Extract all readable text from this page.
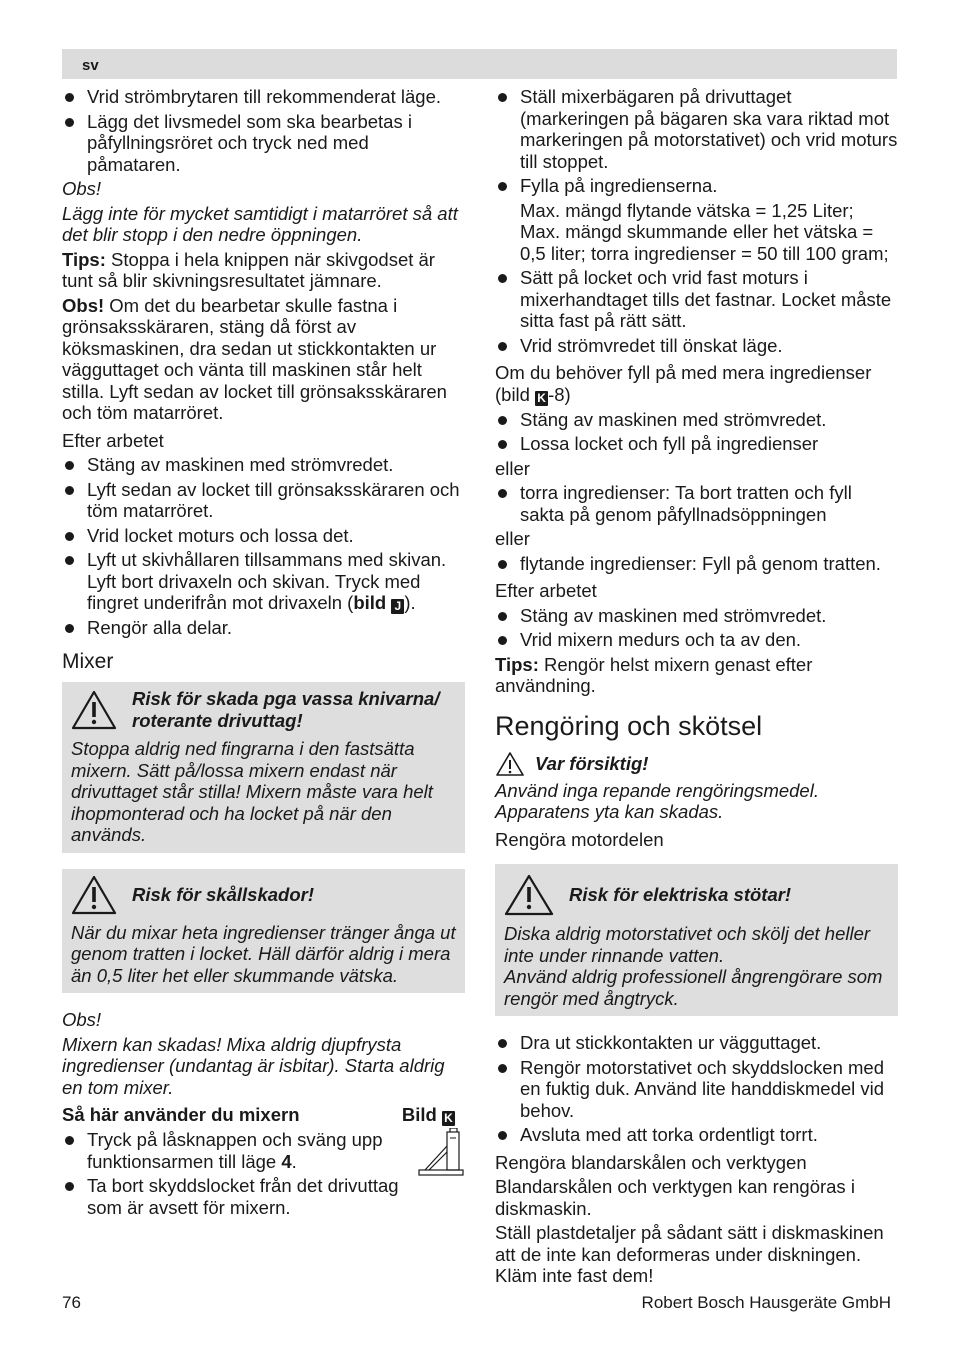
sv
Vrid strömbrytaren till rekommenderat läge.
Lägg det livsmedel som ska bearbetas i påfyllningsröret och tryck ned med påmataren.

Obs!

Lägg inte för mycket samtidigt i matarröret så att det blir stopp i den nedre öppningen.

Tips: Stoppa i hela knippen när skivgodset är tunt så blir skivningsresultatet jämnare.

Obs! Om det du bearbetar skulle fastna i grönsaksskäraren, stäng då först av köksmaskinen, dra sedan ut stickkontakten ur vägguttaget och vänta till maskinen står helt stilla. Lyft sedan av locket till grönsaksskäraren och töm matarröret.

Efter arbetet

Stäng av maskinen med strömvredet.
Lyft sedan av locket till grönsaksskäraren och töm matarröret.
Vrid locket moturs och lossa det.
Lyft ut skivhållaren tillsammans med skivan. Lyft bort drivaxeln och skivan. Tryck med fingret underifrån mot drivaxeln (bild J ).
Rengör alla delar.
Mixer
Risk för skada pga vassa knivarna/ roterante drivuttag!
Stoppa aldrig ned fingrarna i den fastsätta mixern. Sätt på/lossa mixern endast när drivuttaget står stilla! Mixern måste vara helt ihopmonterad och ha locket på när den används.
Risk för skållskador!
När du mixar heta ingredienser tränger ånga ut genom tratten i locket. Häll därför aldrig i mera än 0,5 liter het eller skummande vätska.

Obs!

Mixern kan skadas! Mixa aldrig djupfrysta ingredienser (undantag är isbitar). Starta aldrig en tom mixer.

Så här använder du mixern	Bild K
Tryck på låsknappen och sväng upp funktionsarmen till läge 4.
Ta bort skyddslocket från det drivuttag som är avsett för mixern.
Ställ mixerbägaren på drivuttaget (markeringen på bägaren ska vara riktad mot markeringen på motorstativet) och vrid moturs till stoppet.
Fylla på ingredienserna.

Max. mängd flytande vätska = 1,25 Liter; Max. mängd skummande eller het vätska = 0,5 liter; torra ingredienser = 50 till 100 gram;

Sätt på locket och vrid fast moturs i mixerhandtaget tills det fastnar. Locket måste sitta fast på rätt sätt.
Vrid strömvredet till önskat läge.

Om du behöver fyll på med mera ingredienser (bild K -8)

Stäng av maskinen med strömvredet.
Lossa locket och fyll på ingredienser

eller

torra ingredienser: Ta bort tratten och fyll sakta på genom påfyllnadsöppningen

eller

flytande ingredienser: Fyll på genom tratten.

Efter arbetet

Stäng av maskinen med strömvredet.
Vrid mixern medurs och ta av den.

Tips: Rengör helst mixern genast efter användning.

Rengöring och skötsel
Var försiktig!

Använd inga repande rengöringsmedel. Apparatens yta kan skadas.

Rengöra motordelen

Risk för elektriska stötar!
Diska aldrig motorstativet och skölj det heller inte under rinnande vatten.
Använd aldrig professionell ångrengörare som rengör med ångtryck.
Dra ut stickkontakten ur vägguttaget.
Rengör motorstativet och skyddslocken med en fuktig duk. Använd lite handdiskmedel vid behov.
Avsluta med att torka ordentligt torrt.

Rengöra blandarskålen och verktygen

Blandarskålen och verktygen kan rengöras i diskmaskin.

Ställ plastdetaljer på sådant sätt i diskmaskinen att de inte kan deformeras under diskningen. Kläm inte fast dem!

76	Robert Bosch Hausgeräte GmbH
